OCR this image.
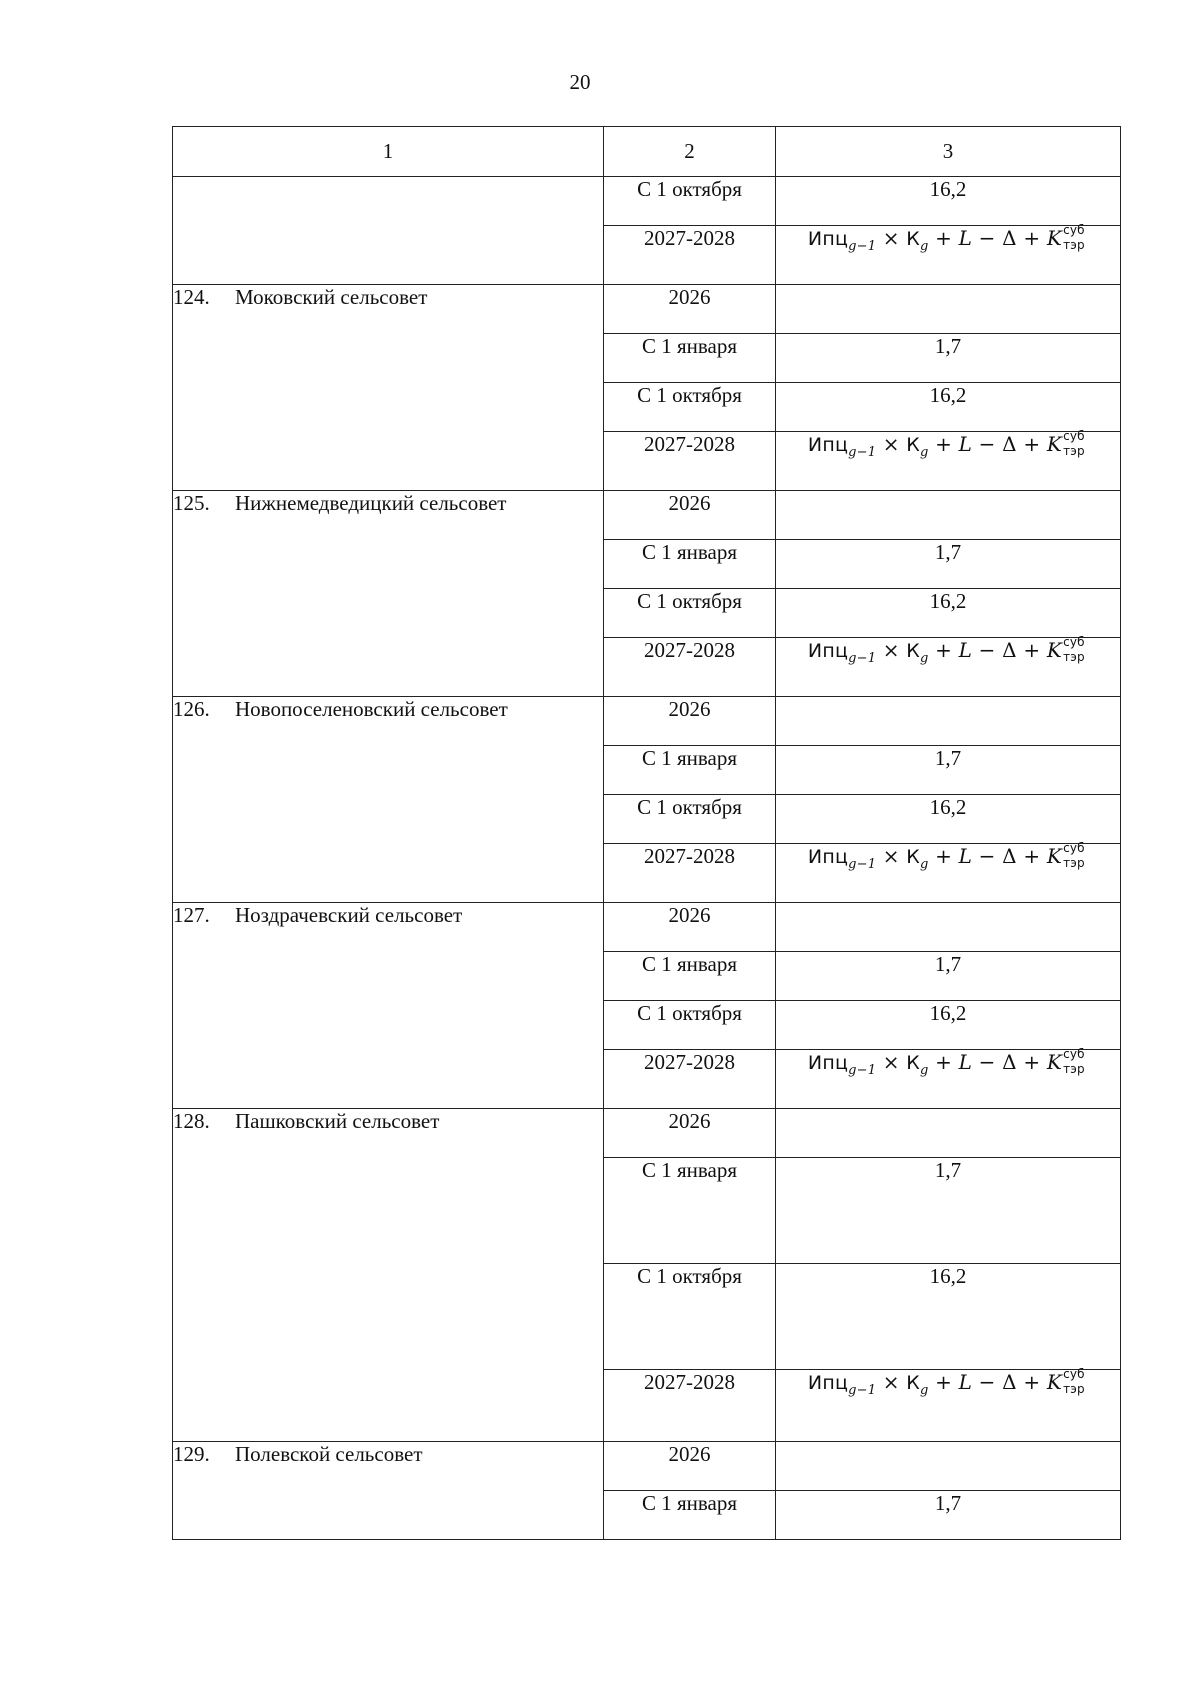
20
1	2	3
	С 1 октября	16,2
	2027-2028	$Ипц_{g-1} \times К_g + L - \Delta + K$ суб
тэр

124. Моковский сельсовет	2026	
	С 1 января	1,7
	С 1 октября	16,2
	2027-2028	$Ипц_{g-1} \times К_g + L - \Delta + K$ суб
тэр

125. Нижнемедведицкий сельсовет	2026	
	С 1 января	1,7
	С 1 октября	16,2
	2027-2028	$Ипц_{g-1} \times К_g + L - \Delta + K$ суб
тэр

126. Новопоселеновский сельсовет	2026	
	С 1 января	1,7
	С 1 октября	16,2
	2027-2028	$Ипц_{g-1} \times К_g + L - \Delta + K$ суб
тэр

127. Ноздрачевский сельсовет	2026	
	С 1 января	1,7
	С 1 октября	16,2
	2027-2028	$Ипц_{g-1} \times К_g + L - \Delta + K$ суб
тэр

128. Пашковский сельсовет	2026	
	С 1 января	1,7
	С 1 октября	16,2
	2027-2028	$Ипц_{g-1} \times К_g + L - \Delta + K$ суб
тэр

129. Полевской сельсовет	2026	
	С 1 января	1,7
